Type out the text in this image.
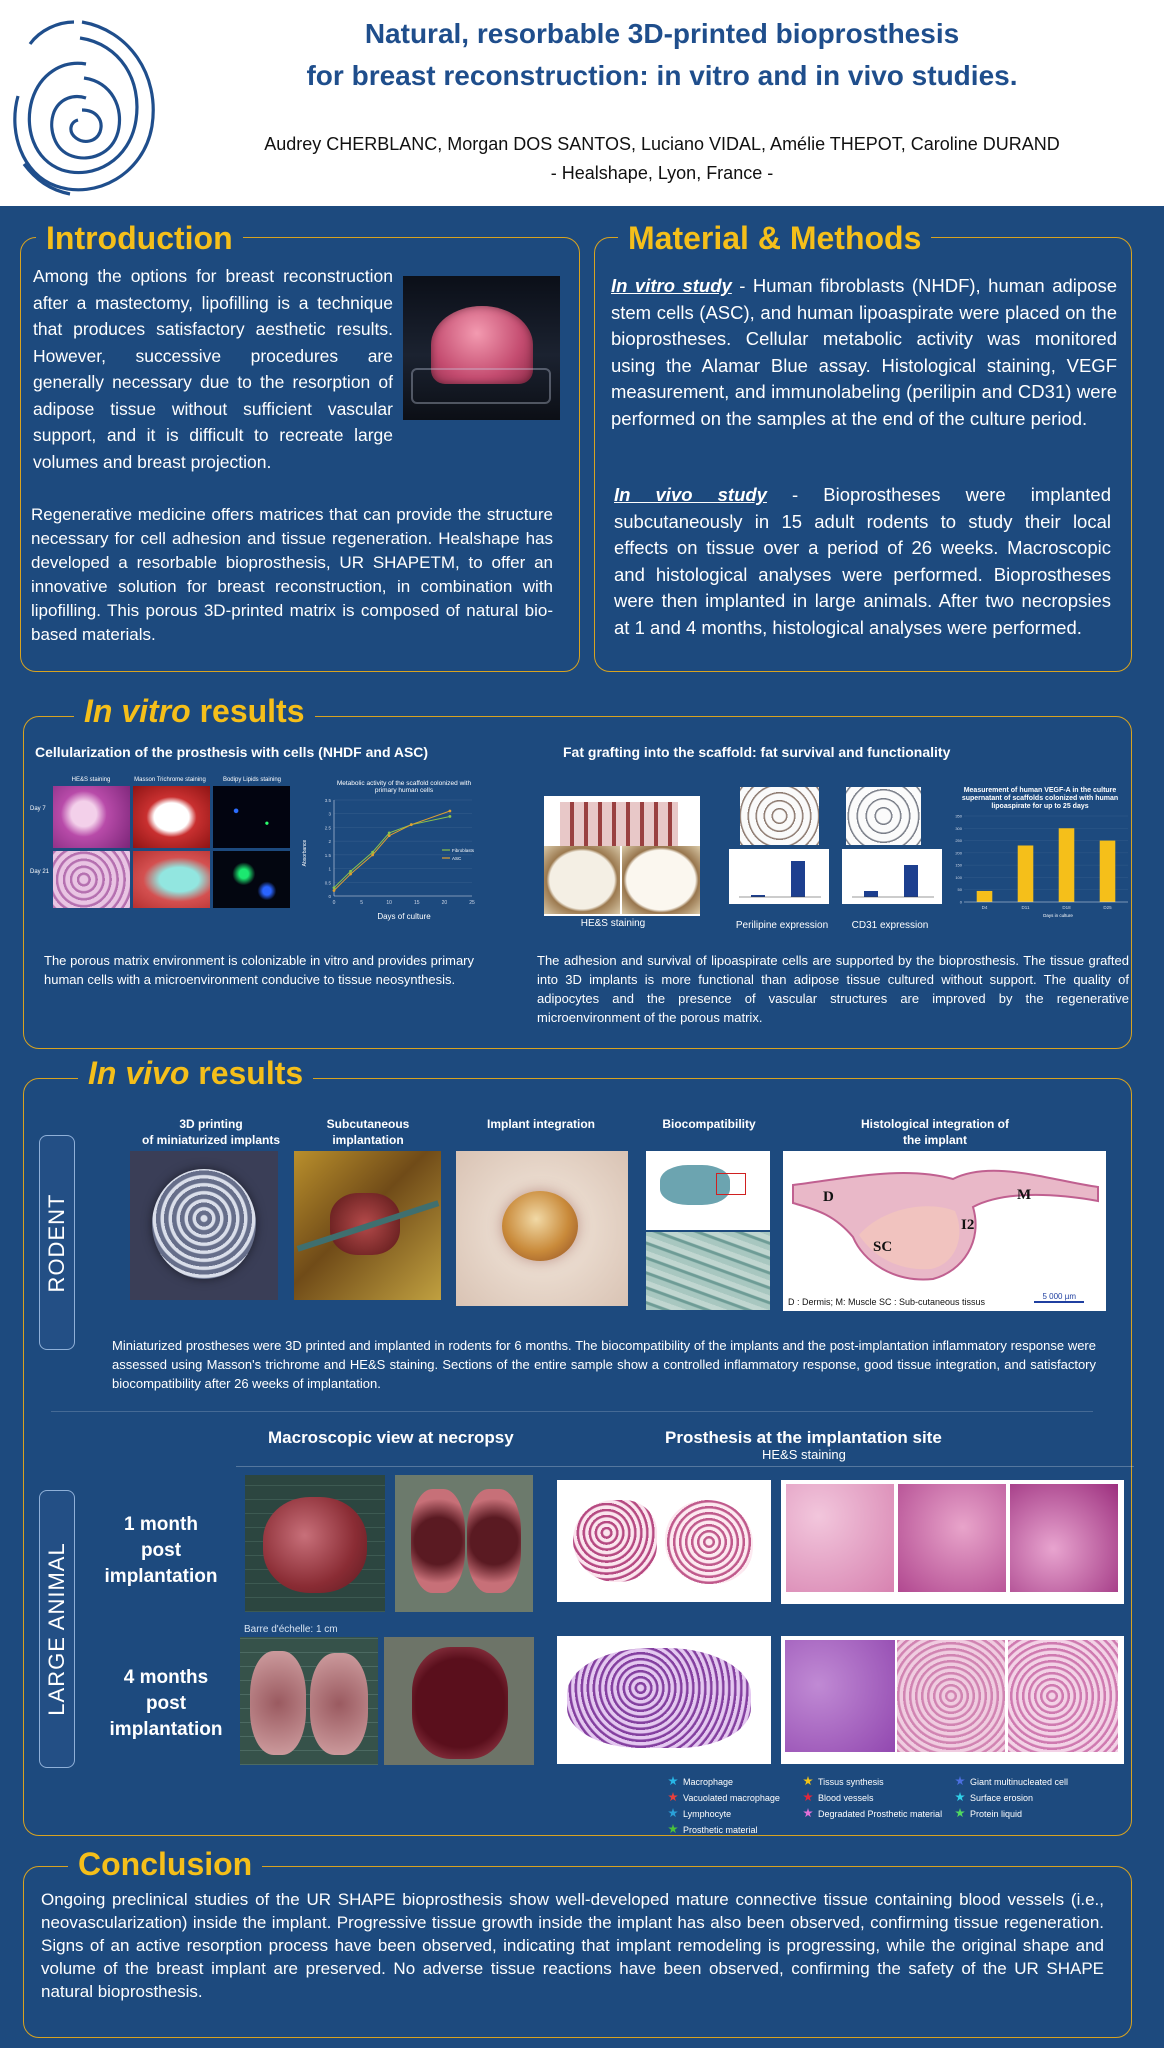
Natural, resorbable 3D-printed bioprosthesis
for breast reconstruction: in vitro and in vivo studies.
Audrey CHERBLANC, Morgan DOS SANTOS, Luciano VIDAL, Amélie THEPOT, Caroline DURAND
- Healshape, Lyon, France -
Introduction
Among the options for breast reconstruction after a mastectomy, lipofilling is a technique that produces satisfactory aesthetic results. However, successive procedures are generally necessary due to the resorption of adipose tissue without sufficient vascular support, and it is difficult to recreate large volumes and breast projection.
Regenerative medicine offers matrices that can provide the structure necessary for cell adhesion and tissue regeneration. Healshape has developed a resorbable bioprosthesis, UR SHAPETM, to offer an innovative solution for breast reconstruction, in combination with lipofilling. This porous 3D-printed matrix is composed of natural bio-based materials.
Material & Methods
In vitro study - Human fibroblasts (NHDF), human adipose stem cells (ASC), and human lipoaspirate were placed on the bioprostheses. Cellular metabolic activity was monitored using the Alamar Blue assay. Histological staining, VEGF measurement, and immunolabeling (perilipin and CD31) were performed on the samples at the end of the culture period.
In vivo study - Bioprostheses were implanted subcutaneously in 15 adult rodents to study their local effects on tissue over a period of 26 weeks. Macroscopic and histological analyses were performed. Bioprostheses were then implanted in large animals. After two necropsies at 1 and 4 months, histological analyses were performed.
In vitro results
Cellularization of the prosthesis with cells (NHDF and ASC)	Fat grafting into the scaffold: fat survival and functionality
HE&S staining	Masson Trichrome staining	Bodipy Lipids staining
Day 7
Day 21
Metabolic activity of the scaffold colonized with
primary human cells
0
0.5
1
1.5
2
2.5
3
3.5
0	5	10	15	20	25
Fibroblasts
ASC
Days of culture
Absorbance
HE&S staining	Perilipine expression	CD31 expression
Measurement of human VEGF-A in the culture
supernatant of scaffolds colonized with human
lipoaspirate for up to 25 days
0
50
100
150
200
250
300
350
D4	D11	D18	D25
Days in culture
The porous matrix environment is colonizable in vitro and provides primary human cells with a microenvironment conducive to tissue neosynthesis.
The adhesion and survival of lipoaspirate cells are supported by the bioprosthesis. The tissue grafted into 3D implants is more functional than adipose tissue cultured without support. The quality of adipocytes and the presence of vascular structures are improved by the regenerative microenvironment of the porous matrix.
In vivo results
RODENT
3D printing
of miniaturized implants
Subcutaneous
implantation
Implant integration	Biocompatibility	Histological integration of
the implant
D	M
SC
I2
D : Dermis; M: Muscle SC : Sub-cutaneous tissus
5 000 µm
Miniaturized prostheses were 3D printed and implanted in rodents for 6 months. The biocompatibility of the implants and the post-implantation inflammatory response were assessed using Masson's trichrome and HE&S staining. Sections of the entire sample show a controlled inflammatory response, good tissue integration, and satisfactory biocompatibility after 26 weeks of implantation.
LARGE ANIMAL
Macroscopic view at necropsy	Prosthesis at the implantation site
HE&S staining
1 month
post
implantation
4 months
post
implantation
Barre d'échelle: 1 cm
Macrophage
Vacuolated macrophage
Lymphocyte
Prosthetic material
Tissus synthesis
Blood vessels
Degradated Prosthetic material
Giant multinucleated cell
Surface erosion
Protein liquid
Conclusion
Ongoing preclinical studies of the UR SHAPE bioprosthesis show well-developed mature connective tissue containing blood vessels (i.e., neovascularization) inside the implant. Progressive tissue growth inside the implant has also been observed, confirming tissue regeneration. Signs of an active resorption process have been observed, indicating that implant remodeling is progressing, while the original shape and volume of the breast implant are preserved. No adverse tissue reactions have been observed, confirming the safety of the UR SHAPE natural bioprosthesis.
